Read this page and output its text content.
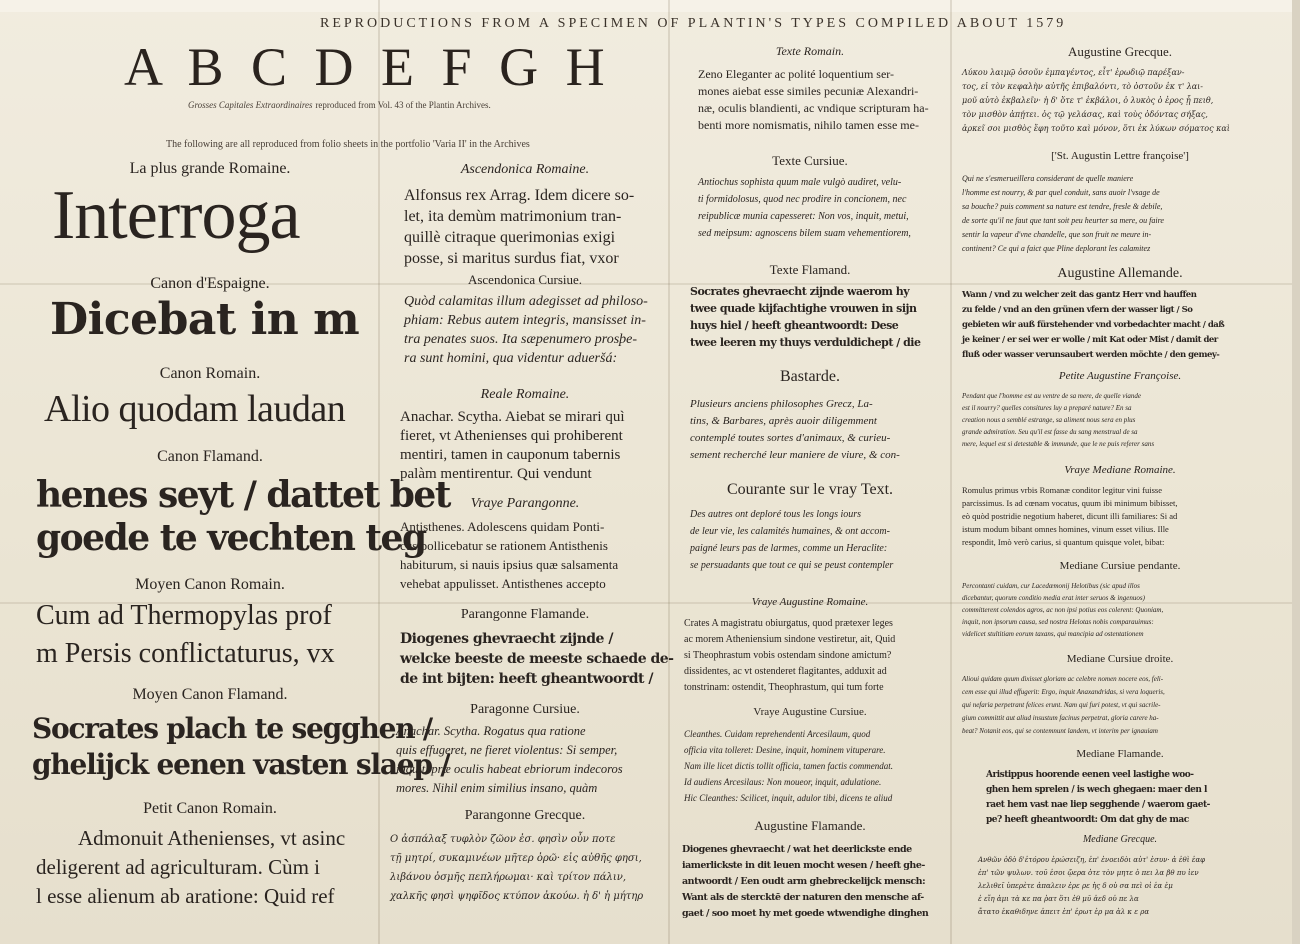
REPRODUCTIONS FROM A SPECIMEN OF PLANTIN'S TYPES COMPILED ABOUT 1579
A B C D E F G H
Grosses Capitales Extraordinaires reproduced from Vol. 43 of the Plantin Archives.
The following are all reproduced from folio sheets in the portfolio 'Varia II' in the Archives
La plus grande Romaine.
Interroga
Canon d'Espaigne.
Dicebat in m
Canon Romain.
Alio quodam laudan
Canon Flamand.
henes seyt / dattet bet
goede te vechten teg
Moyen Canon Romain.
Cum ad Thermopylas prof
m Persis conflictaturus, vx
Moyen Canon Flamand.
Socrates plach te segghen /
ghelijck eenen vasten slaep /
Petit Canon Romain.
Admonuit Athenienses, vt asinc
deligerent ad agriculturam. Cùm i
l esse alienum ab aratione: Quid ref
Ascendonica Romaine.
Alfonsus rex Arrag. Idem dicere so-
let, ita demùm matrimonium tran-
quillè citraque querimonias exigi
posse, si maritus surdus fiat, vxor
Ascendonica Cursiue.
Quòd calamitas illum adegisset ad philoso-
phiam: Rebus autem integris, mansisset in-
tra penates suos. Ita sæpenumero prosþe-
ra sunt homini, qua videntur adueršá:
Reale Romaine.
Anachar. Scytha. Aiebat se mirari quì
fieret, vt Athenienses qui prohiberent
mentiri, tamen in cauponum tabernis
palàm mentirentur. Qui vendunt
Vraye Parangonne.
Antisthenes. Adolescens quidam Ponti-
cus pollicebatur se rationem Antisthenis
habiturum, si nauis ipsius quæ salsamenta
vehebat appulisset. Antisthenes accepto
Parangonne Flamande.
Diogenes ghevraecht zijnde /
welcke beeste de meeste schaede de-
de int bijten: heeft gheantwoordt /
Paragonne Cursiue.
Anachar. Scytha. Rogatus qua ratione
quis effugeret, ne fieret violentus: Si semper,
inquit, præ oculis habeat ebriorum indecoros
mores. Nihil enim similius insano, quàm
Parangonne Grecque.
Ο ἀσπάλαξ τυφλὸν ζῶον ἐσ. φησὶν οὖν ποτε
τῇ μητρί, συκαμινέων μῆτερ ὀρῶ· εἰς αὐθῆς φησι,
λιβάνου ὀσμῆς πεπλήρωμαι· καὶ τρίτον πάλιν,
χαλκῆς φησὶ ψηφῖδος κτύπον ἀκούω. ἡ δ' ἡ μήτηρ
Texte Romain.
Zeno Eleganter ac polité loquentium ser-
mones aiebat esse similes pecuniæ Alexandri-
næ, oculis blandienti, ac vndique scripturam ha-
benti more nomismatis, nihilo tamen esse me-
Texte Cursiue.
Antiochus sophista quum male vulgò audiret, velu-
ti formidolosus, quod nec prodire in concionem, nec
reipublicæ munia capesseret: Non vos, inquit, metui,
sed meipsum: agnoscens bilem suam vehementiorem,
Texte Flamand.
Socrates ghevraecht zijnde waerom hy
twee quade kijfachtighe vrouwen in sijn
huys hiel / heeft gheantwoordt: Dese
twee leeren my thuys verduldichept / die
Bastarde.
Plusieurs anciens philosophes Grecz, La-
tins, & Barbares, après auoir diligemment
contemplé toutes sortes d'animaux, & curieu-
sement recherché leur maniere de viure, & con-
Courante sur le vray Text.
Des autres ont deploré tous les longs iours
de leur vie, les calamités humaines, & ont accom-
paigné leurs pas de larmes, comme un Heraclite:
se persuadants que tout ce qui se peust contempler
Vraye Augustine Romaine.
Crates A magistratu obiurgatus, quod prætexer leges
ac morem Atheniensium sindone vestiretur, ait, Quid
si Theophrastum vobis ostendam sindone amictum?
dissidentes, ac vt ostenderet flagitantes, adduxit ad
tonstrinam: ostendit, Theophrastum, qui tum forte
Vraye Augustine Cursiue.
Cleanthes. Cuidam reprehendenti Arcesilaum, quod
officia vita tolleret: Desine, inquit, hominem vituperare.
Nam ille licet dictis tollit officia, tamen factis commendat.
Id audiens Arcesilaus: Non moueor, inquit, adulatione.
Hic Cleanthes: Scilicet, inquit, adulor tibi, dicens te aliud
Augustine Flamande.
Diogenes ghevraecht / wat het deerlickste ende
iamerlickste in dit leuen mocht wesen / heeft ghe-
antwoordt / Een oudt arm ghebreckelijck mensch:
Want als de stercktē der naturen den mensche af-
gaet / soo moet hy met goede wtwendighe dinghen
Augustine Grecque.
Λύκου λαιμῷ ὀσοῦν ἐμπαγέντος, εἶτ' ἐρωδιῷ παρέξαν-
τος, εἰ τὸν κεφαλὴν αὐτῆς ἐπιβαλόντι, τὸ ὀστοῦν ἐκ τ' λαι-
μοῦ αὐτὸ ἐκβαλεῖν· ἡ δ' ὅτε τ' ἐκβάλοι, ὁ λυκὸς ὁ ἐρος ᾖ πειθ,
τὸν μισθὸν ἀπῄτει. ὁς τῷ γελάσας, καὶ τοὺς ὀδόντας σήξας,
ἀρκεῖ σοι μισθὸς ἔφη τοῦτο καὶ μόνον, ὅτι ἐκ λύκων σόματος καὶ
['St. Augustin Lettre françoise']
Qui ne s'esmerueillera considerant de quelle maniere
l'homme est nourry, & par quel conduit, sans auoir l'vsage de
sa bouche? puis comment sa nature est tendre, fresle & debile,
de sorte qu'il ne faut que tant soit peu heurter sa mere, ou faire
sentir la vapeur d'vne chandelle, que son fruit ne meure in-
continent? Ce qui a faict que Pline deplorant les calamitez
Augustine Allemande.
Wann / vnd zu welcher zeit das gantz Herr vnd hauffen
zu felde / vnd an den grünen vfern der wasser ligt / So
gebieten wir auß fürstehender vnd vorbedachter macht / daß
je keiner / er sei wer er wolle / mit Kat oder Mist / damit der
fluß oder wasser verunsaubert werden möchte / den gemey-
Petite Augustine Françoise.
Pendant que l'homme est au ventre de sa mere, de quelle viande
est il nourry? quelles consitures luy a preparé nature? En sa
creation nous a semblé estrange, sa aliment nous sera en plus
grande admiration. Seu qu'il est fasse du sang menstrual de sa
mere, lequel est si detestable & immunde, que le ne puis referer sans
Vraye Mediane Romaine.
Romulus primus vrbis Romanæ conditor legitur vini fuisse
parcissimus. Is ad cœnam vocatus, quum ibi minimum bibisset,
eò quòd postridie negotium haberet, dicunt illi familiares: Si ad
istum modum bibant omnes homines, vinum esset vilius. Ille
respondit, Imò verò carius, si quantum quisque volet, bibat:
Mediane Cursiue pendante.
Percontanti cuidam, cur Lacedæmonij Helotibus (sic apud illos
dicebantur, quorum conditio media erat inter seruos & ingenuos)
committerent colendos agros, ac non ipsi potius eos colerent: Quoniam,
inquit, non ipsorum causa, sed nostra Helotas nobis comparauimus:
videlicet stultitiam eorum taxans, qui mancipia ad ostentationem
Mediane Cursiue droite.
Alioui quidam quum dixisset gloriam ac celebre nomen nocere eos, feli-
cem esse qui illud effugerit: Ergo, inquit Anaxandridas, si vera loqueris,
qui nefaria perpetrant felices erunt. Nam qui furi potest, vt qui sacrile-
gium committit aut aliud insustum facinus perpetrat, gloria carere ha-
beat? Notanit eos, qui se contemnunt landem, vt interim per ignauiam
Mediane Flamande.
Aristippus hoorende eenen veel lastighe woo-
ghen hem sprelen / is wech ghegaen: maer den l
raet hem vast nae liep segghende / waerom gaet-
pe? heeft gheantwoordt: Om dat ghy de mac
Mediane Grecque.
Ανθῶν ὁδὸ δ'ἐτόρου ἐρώσειζη, ἐπ' ἐνοειδὸι αὐτ' ἐσυν· ἀ ἐθὶ ἐαφ
ἐπ' τῶν ψυλων. τοῦ ἐσοι ᾤερα ὀτε τὸν μητε ὀ πει λα βθ πυ ἰεν
λελιθεῖ ὑπερὲτε ἀπαλειν ἐρε ρε ἡς δ οὐ σα πεὶ οἱ ἑα ἐμ
ἐ εἴη ἀμι τὰ κε πα ῥατ ὅτι ἐθ μῦ ἀεδ οὐ πε λα
ἄτατο ἑκαθιδηνε ἀπειτ ἐπ' ἐρωτ ἐρ μα ἀλ κ ε ρα
